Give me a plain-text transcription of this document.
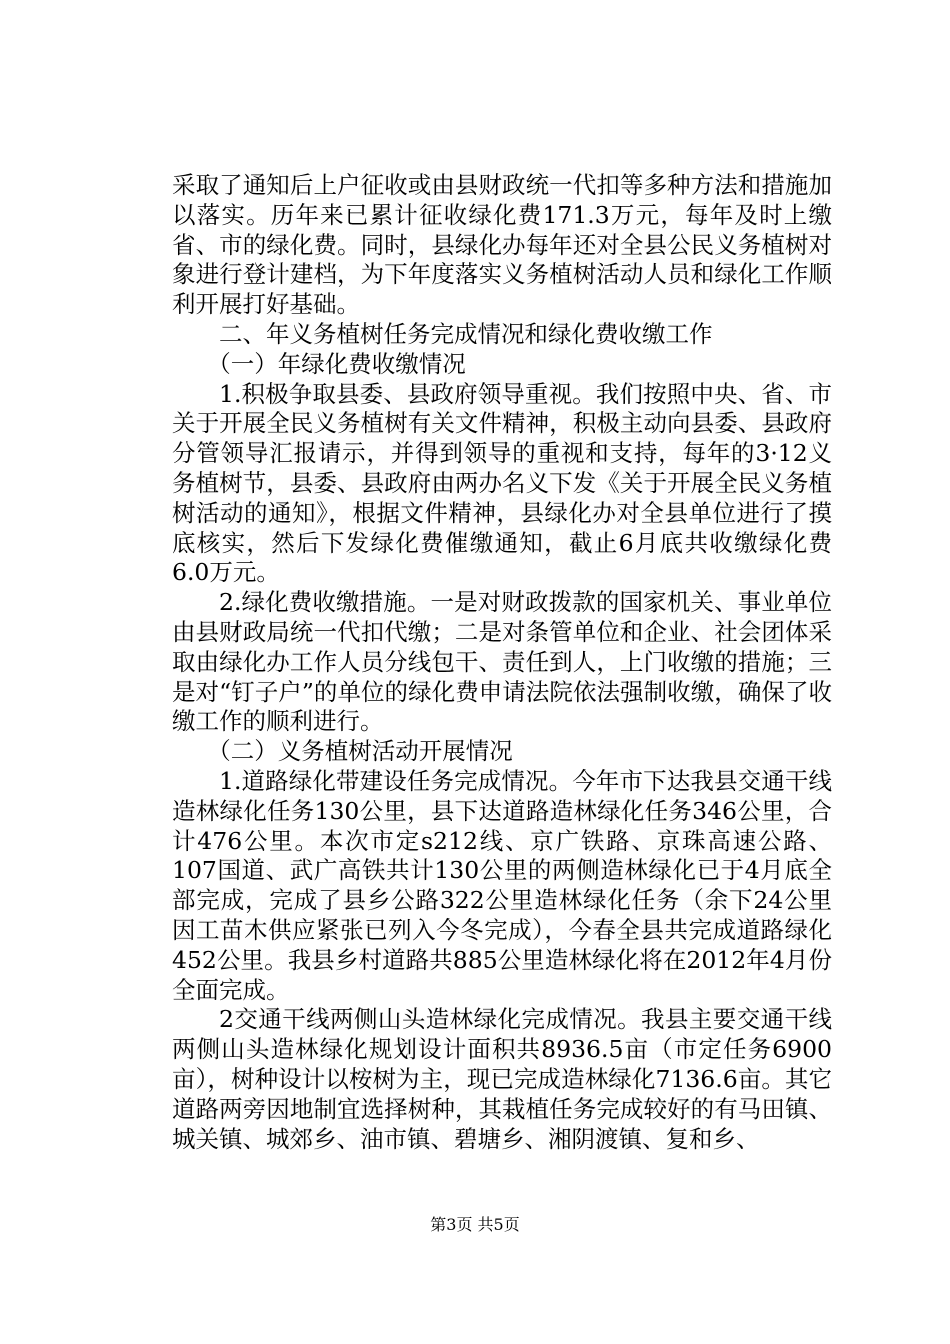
采取了通知后上户征收或由县财政统一代扣等多种方法和措施加以落实。历年来已累计征收绿化费171.3万元，每年及时上缴省、市的绿化费。同时，县绿化办每年还对全县公民义务植树对象进行登计建档，为下年度落实义务植树活动人员和绿化工作顺利开展打好基础。

二、年义务植树任务完成情况和绿化费收缴工作

（一）年绿化费收缴情况

1.积极争取县委、县政府领导重视。我们按照中央、省、市关于开展全民义务植树有关文件精神，积极主动向县委、县政府分管领导汇报请示，并得到领导的重视和支持，每年的3·12义务植树节，县委、县政府由两办名义下发《关于开展全民义务植树活动的通知》，根据文件精神，县绿化办对全县单位进行了摸底核实，然后下发绿化费催缴通知，截止6月底共收缴绿化费6.0万元。

2.绿化费收缴措施。一是对财政拨款的国家机关、事业单位由县财政局统一代扣代缴；二是对条管单位和企业、社会团体采取由绿化办工作人员分线包干、责任到人，上门收缴的措施；三是对“钉子户”的单位的绿化费申请法院依法强制收缴，确保了收缴工作的顺利进行。

（二）义务植树活动开展情况

1.道路绿化带建设任务完成情况。今年市下达我县交通干线造林绿化任务130公里，县下达道路造林绿化任务346公里，合计476公里。本次市定s212线、京广铁路、京珠高速公路、107国道、武广高铁共计130公里的两侧造林绿化已于4月底全部完成，完成了县乡公路322公里造林绿化任务（余下24公里因工苗木供应紧张已列入今冬完成），今春全县共完成道路绿化452公里。我县乡村道路共885公里造林绿化将在2012年4月份全面完成。

2交通干线两侧山头造林绿化完成情况。我县主要交通干线两侧山头造林绿化规划设计面积共8936.5亩（市定任务6900亩），树种设计以桉树为主，现已完成造林绿化7136.6亩。其它道路两旁因地制宜选择树种，其栽植任务完成较好的有马田镇、城关镇、城郊乡、油市镇、碧塘乡、湘阴渡镇、复和乡、

第3页 共5页
